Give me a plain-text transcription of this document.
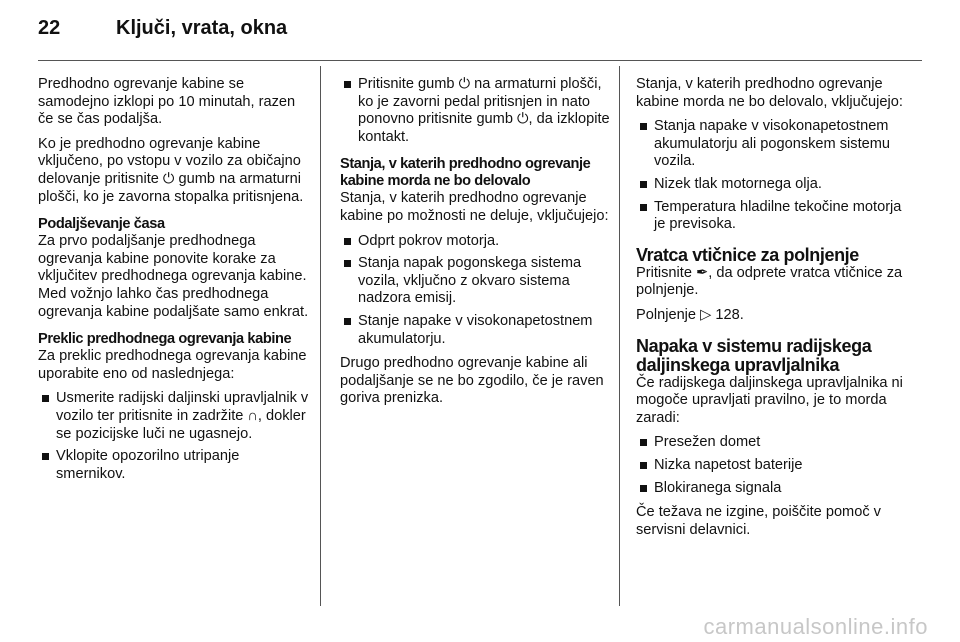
22	Ključi, vrata, okna

Predhodno ogrevanje kabine se samodejno izklopi po 10 minutah, razen če se čas podaljša.

Ko je predhodno ogrevanje kabine vključeno, po vstopu v vozilo za običajno delovanje pritisnite ⏻ gumb na armaturni plošči, ko je zavorna stopalka pritisnjena.

Podaljševanje časa

Za prvo podaljšanje predhodnega ogrevanja kabine ponovite korake za vključitev predhodnega ogrevanja kabine. Med vožnjo lahko čas predhodnega ogrevanja kabine podaljšate samo enkrat.

Preklic predhodnega ogrevanja kabine

Za preklic predhodnega ogrevanja kabine uporabite eno od naslednjega:

Usmerite radijski daljinski upravljalnik v vozilo ter pritisnite in zadržite ∩, dokler se pozicijske luči ne ugasnejo.
Vklopite opozorilno utripanje smernikov.
Pritisnite gumb ⏻ na armaturni plošči, ko je zavorni pedal pritisnjen in nato ponovno pritisnite gumb ⏻, da izklopite kontakt.
Stanja, v katerih predhodno ogrevanje kabine morda ne bo delovalo

Stanja, v katerih predhodno ogrevanje kabine po možnosti ne deluje, vključujejo:

Odprt pokrov motorja.
Stanja napak pogonskega sistema vozila, vključno z okvaro sistema nadzora emisij.
Stanje napake v visokonapetostnem akumulatorju.

Drugo predhodno ogrevanje kabine ali podaljšanje se ne bo zgodilo, če je raven goriva prenizka.

Stanja, v katerih predhodno ogrevanje kabine morda ne bo delovalo, vključujejo:

Stanja napake v visokonapetostnem akumulatorju ali pogonskem sistemu vozila.
Nizek tlak motornega olja.
Temperatura hladilne tekočine motorja je previsoka.
Vratca vtičnice za polnjenje

Pritisnite ✒, da odprete vratca vtičnice za polnjenje.

Polnjenje ▷ 128.

Napaka v sistemu radijskega daljinskega upravljalnika

Če radijskega daljinskega upravljalnika ni mogoče upravljati pravilno, je to morda zaradi:

Presežen domet
Nizka napetost baterije
Blokiranega signala

Če težava ne izgine, poiščite pomoč v servisni delavnici.

carmanualsonline.info
